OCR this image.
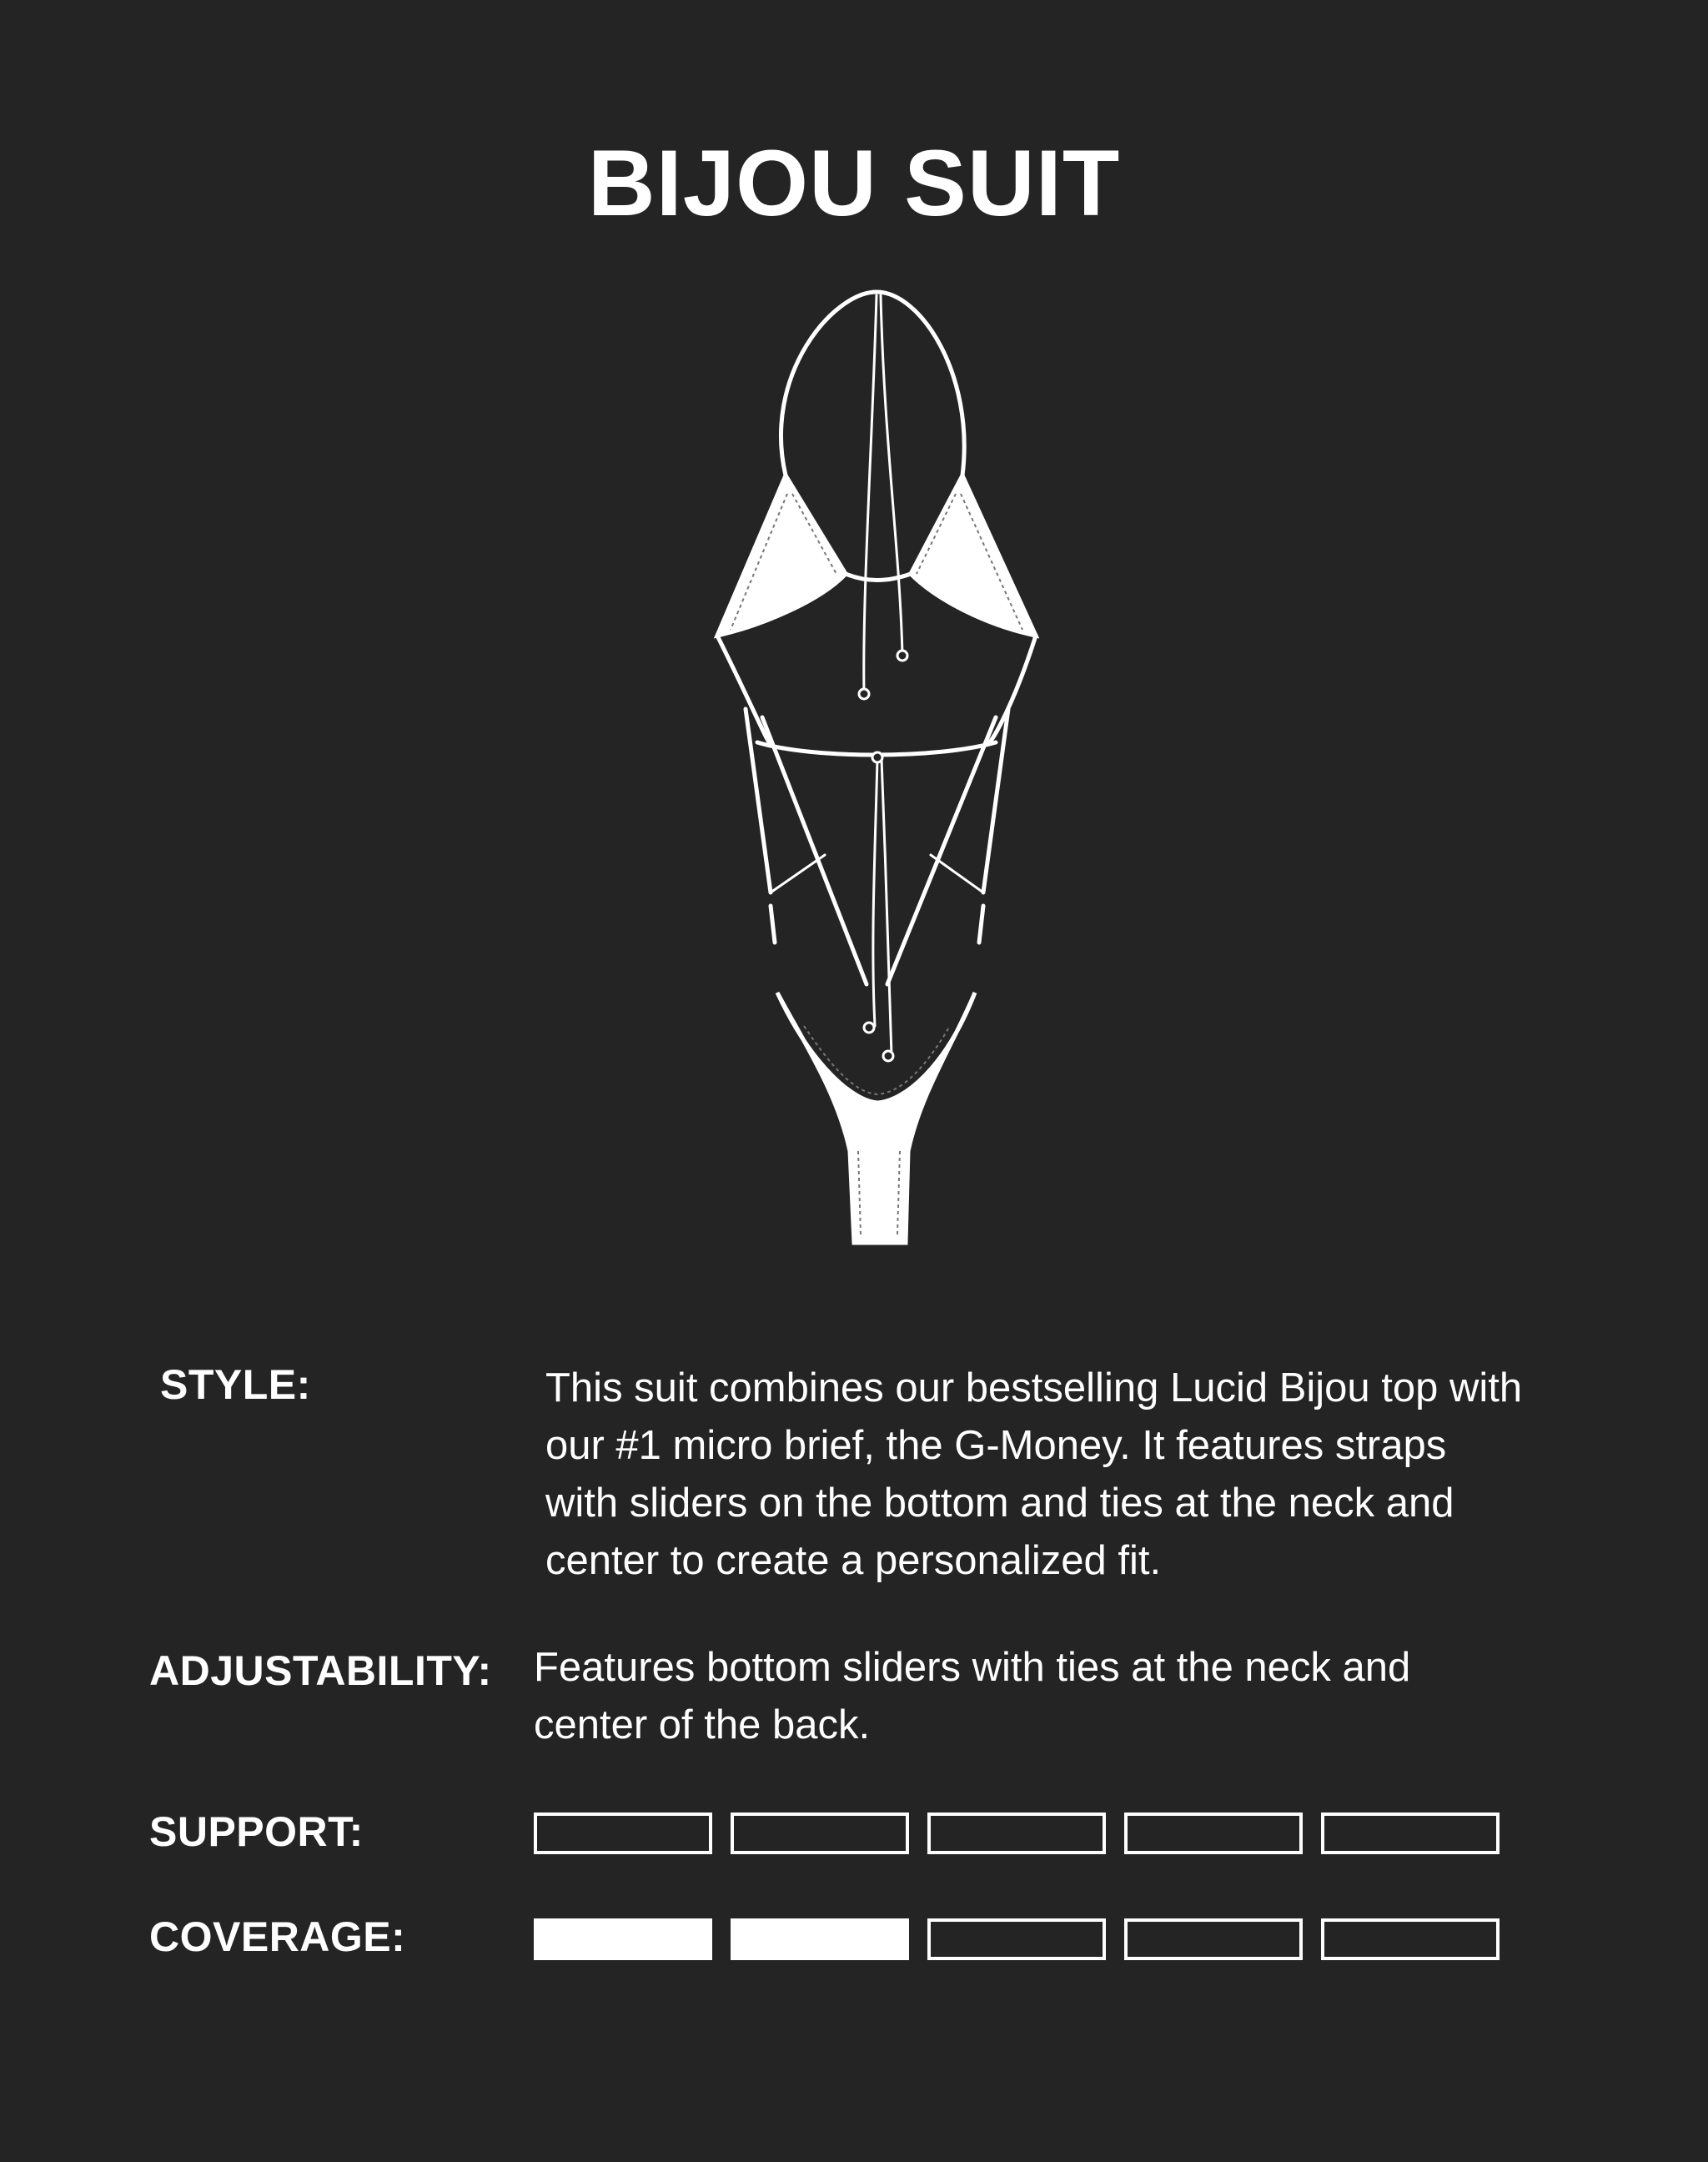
BIJOU SUIT
STYLE:	This suit combines our bestselling Lucid Bijou top with our #1 micro brief, the G-Money. It features straps with sliders on the bottom and ties at the neck and center to create a personalized fit.
ADJUSTABILITY: Features bottom sliders with ties at the neck and center of the back.
SUPPORT:
COVERAGE:
